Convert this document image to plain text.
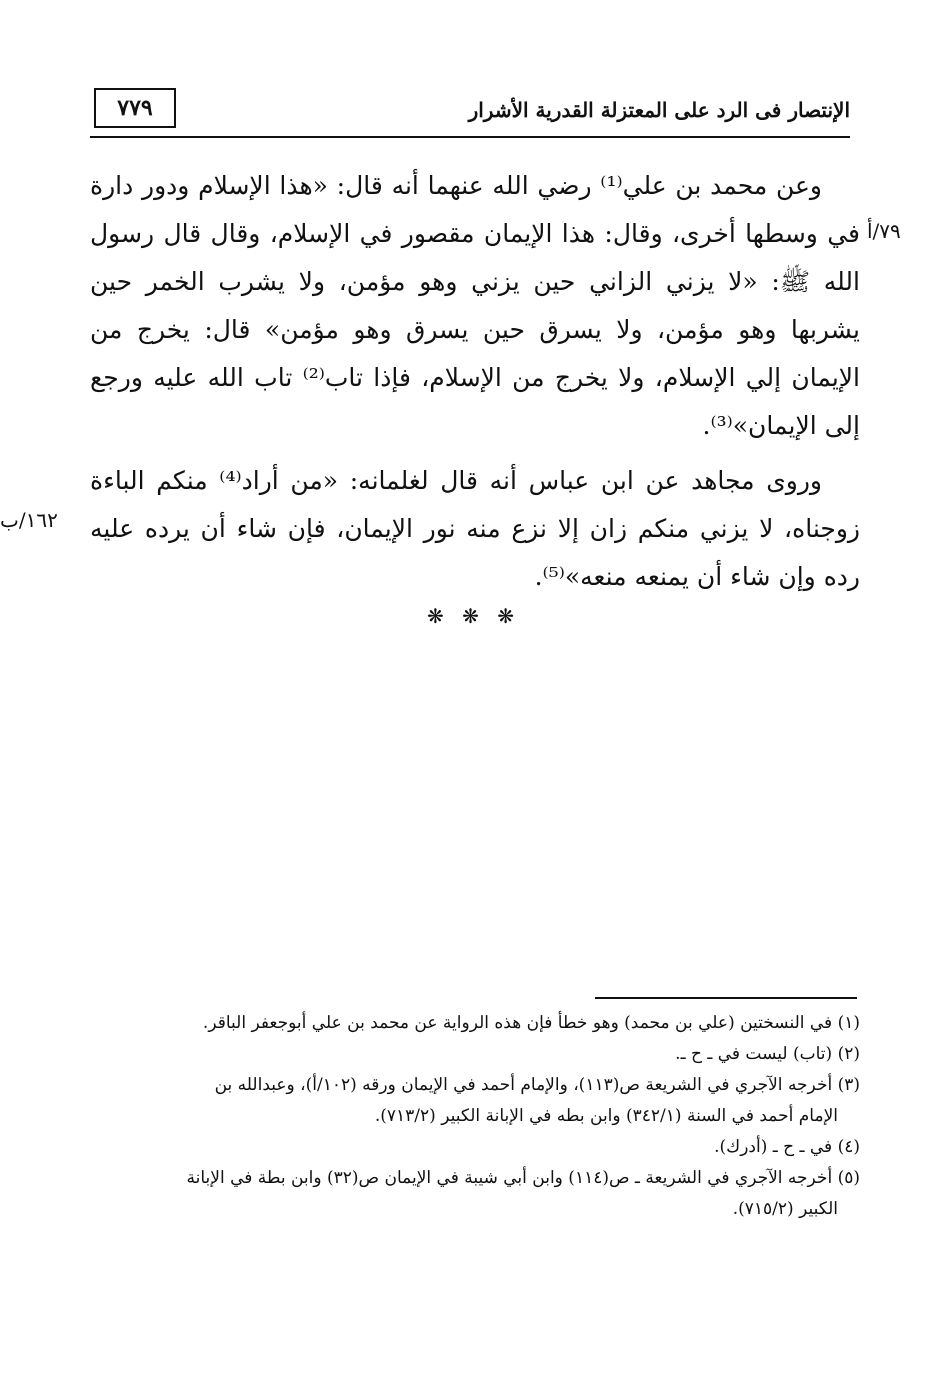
٧٧٩	الإنتصار فى الرد على المعتزلة القدرية الأشرار
٧٩/أ
١٦٢/ب

وعن محمد بن علي⁽¹⁾ رضي الله عنهما أنه قال: «هذا الإسلام ودور دارة في وسطها أخرى، وقال: هذا الإيمان مقصور في الإسلام، وقال قال رسول الله ﷺ: «لا يزني الزاني حين يزني وهو مؤمن، ولا يشرب الخمر حين يشربها وهو مؤمن، ولا يسرق حين يسرق وهو مؤمن» قال: يخرج من الإيمان إلي الإسلام، ولا يخرج من الإسلام، فإذا تاب⁽²⁾ تاب الله عليه ورجع إلى الإيمان»⁽³⁾.

وروى مجاهد عن ابن عباس أنه قال لغلمانه: «من أراد⁽⁴⁾ منكم الباءة زوجناه، لا يزني منكم زان إلا نزع منه نور الإيمان، فإن شاء أن يرده عليه رده وإن شاء أن يمنعه منعه»⁽⁵⁾.

❋ ❋ ❋
(١) في النسختين (علي بن محمد) وهو خطأ فإن هذه الرواية عن محمد بن علي أبوجعفر الباقر.
(٢) (تاب) ليست في ـ ح ـ.
(٣) أخرجه الآجري في الشريعة ص(١١٣)، والإمام أحمد في الإيمان ورقه (١٠٢/أ)، وعبدالله بن
الإمام أحمد في السنة (٣٤٢/١) وابن بطه في الإبانة الكبير (٧١٣/٢).
(٤) في ـ ح ـ (أدرك).
(٥) أخرجه الآجري في الشريعة ـ ص(١١٤) وابن أبي شيبة في الإيمان ص(٣٢) وابن بطة في الإبانة
الكبير (٧١٥/٢).
